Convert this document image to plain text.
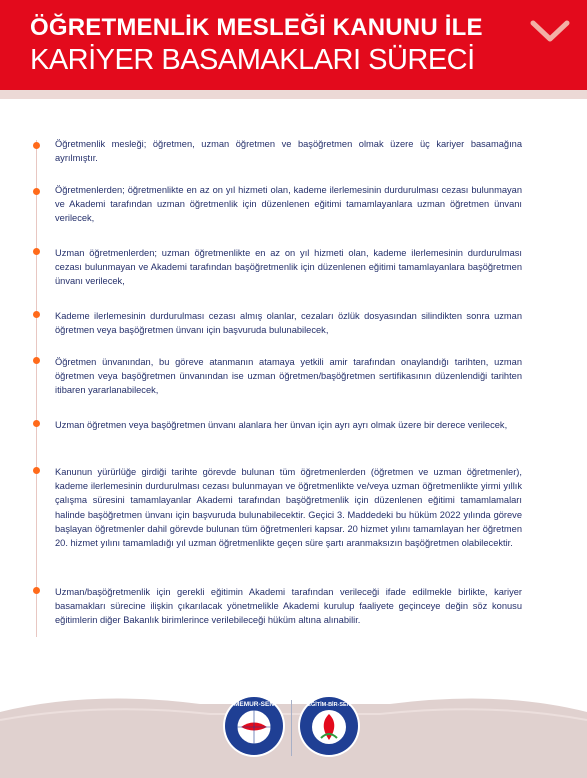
ÖĞRETMENLİK MESLEĞİ KANUNU İLE
KARİYER BASAMAKLARI SÜRECİ

Öğretmenlik mesleği; öğretmen, uzman öğretmen ve başöğretmen olmak üzere üç kariyer basamağına ayrılmıştır.

Öğretmenlerden; öğretmenlikte en az on yıl hizmeti olan, kademe ilerlemesinin durdurulması cezası bulunmayan ve Akademi tarafından uzman öğretmenlik için düzenlenen eğitimi tamamlayanlara uzman öğretmen ünvanı verilecek,

Uzman öğretmenlerden; uzman öğretmenlikte en az on yıl hizmeti olan, kademe ilerlemesinin durdurulması cezası bulunmayan ve Akademi tarafından başöğretmenlik için düzenlenen eğitimi tamamlayanlara başöğretmen ünvanı verilecek,

Kademe ilerlemesinin durdurulması cezası almış olanlar, cezaları özlük dosyasından silindikten sonra uzman öğretmen veya başöğretmen ünvanı için başvuruda bulunabilecek,

Öğretmen ünvanından, bu göreve atanmanın atamaya yetkili amir tarafından onaylandığı tarihten, uzman öğretmen veya başöğretmen ünvanından ise uzman öğretmen/başöğretmen sertifikasının düzenlendiği tarihten itibaren yararlanabilecek,

Uzman öğretmen veya başöğretmen ünvanı alanlara her ünvan için ayrı ayrı olmak üzere bir derece verilecek,

Kanunun yürürlüğe girdiği tarihte görevde bulunan tüm öğretmenlerden (öğretmen ve uzman öğretmenler), kademe ilerlemesinin durdurulması cezası bulunmayan ve öğretmenlikte ve/veya uzman öğretmenlikte yirmi yıllık çalışma süresini tamamlayanlar Akademi tarafından başöğretmenlik için düzenlenen eğitimi tamamlamaları halinde başöğretmen ünvanı için başvuruda bulunabilecektir. Geçici 3. Maddedeki bu hüküm 2022 yılında göreve başlayan öğretmenler dahil görevde bulunan tüm öğretmenleri kapsar. 20 hizmet yılını tamamlayan her öğretmen 20. hizmet yılını tamamladığı yıl uzman öğretmenlikte geçen süre şartı aranmaksızın başöğretmen olabilecektir.

Uzman/başöğretmenlik için gerekli eğitimin Akademi tarafından verileceği ifade edilmekle birlikte, kariyer basamakları sürecine ilişkin çıkarılacak yönetmelikle Akademi kurulup faaliyete geçinceye değin söz konusu eğitimlerin diğer Bakanlık birimlerince verilebileceği hüküm altına alınabilir.

MEMUR-SEN	EĞİTİM-BİR-SEN
